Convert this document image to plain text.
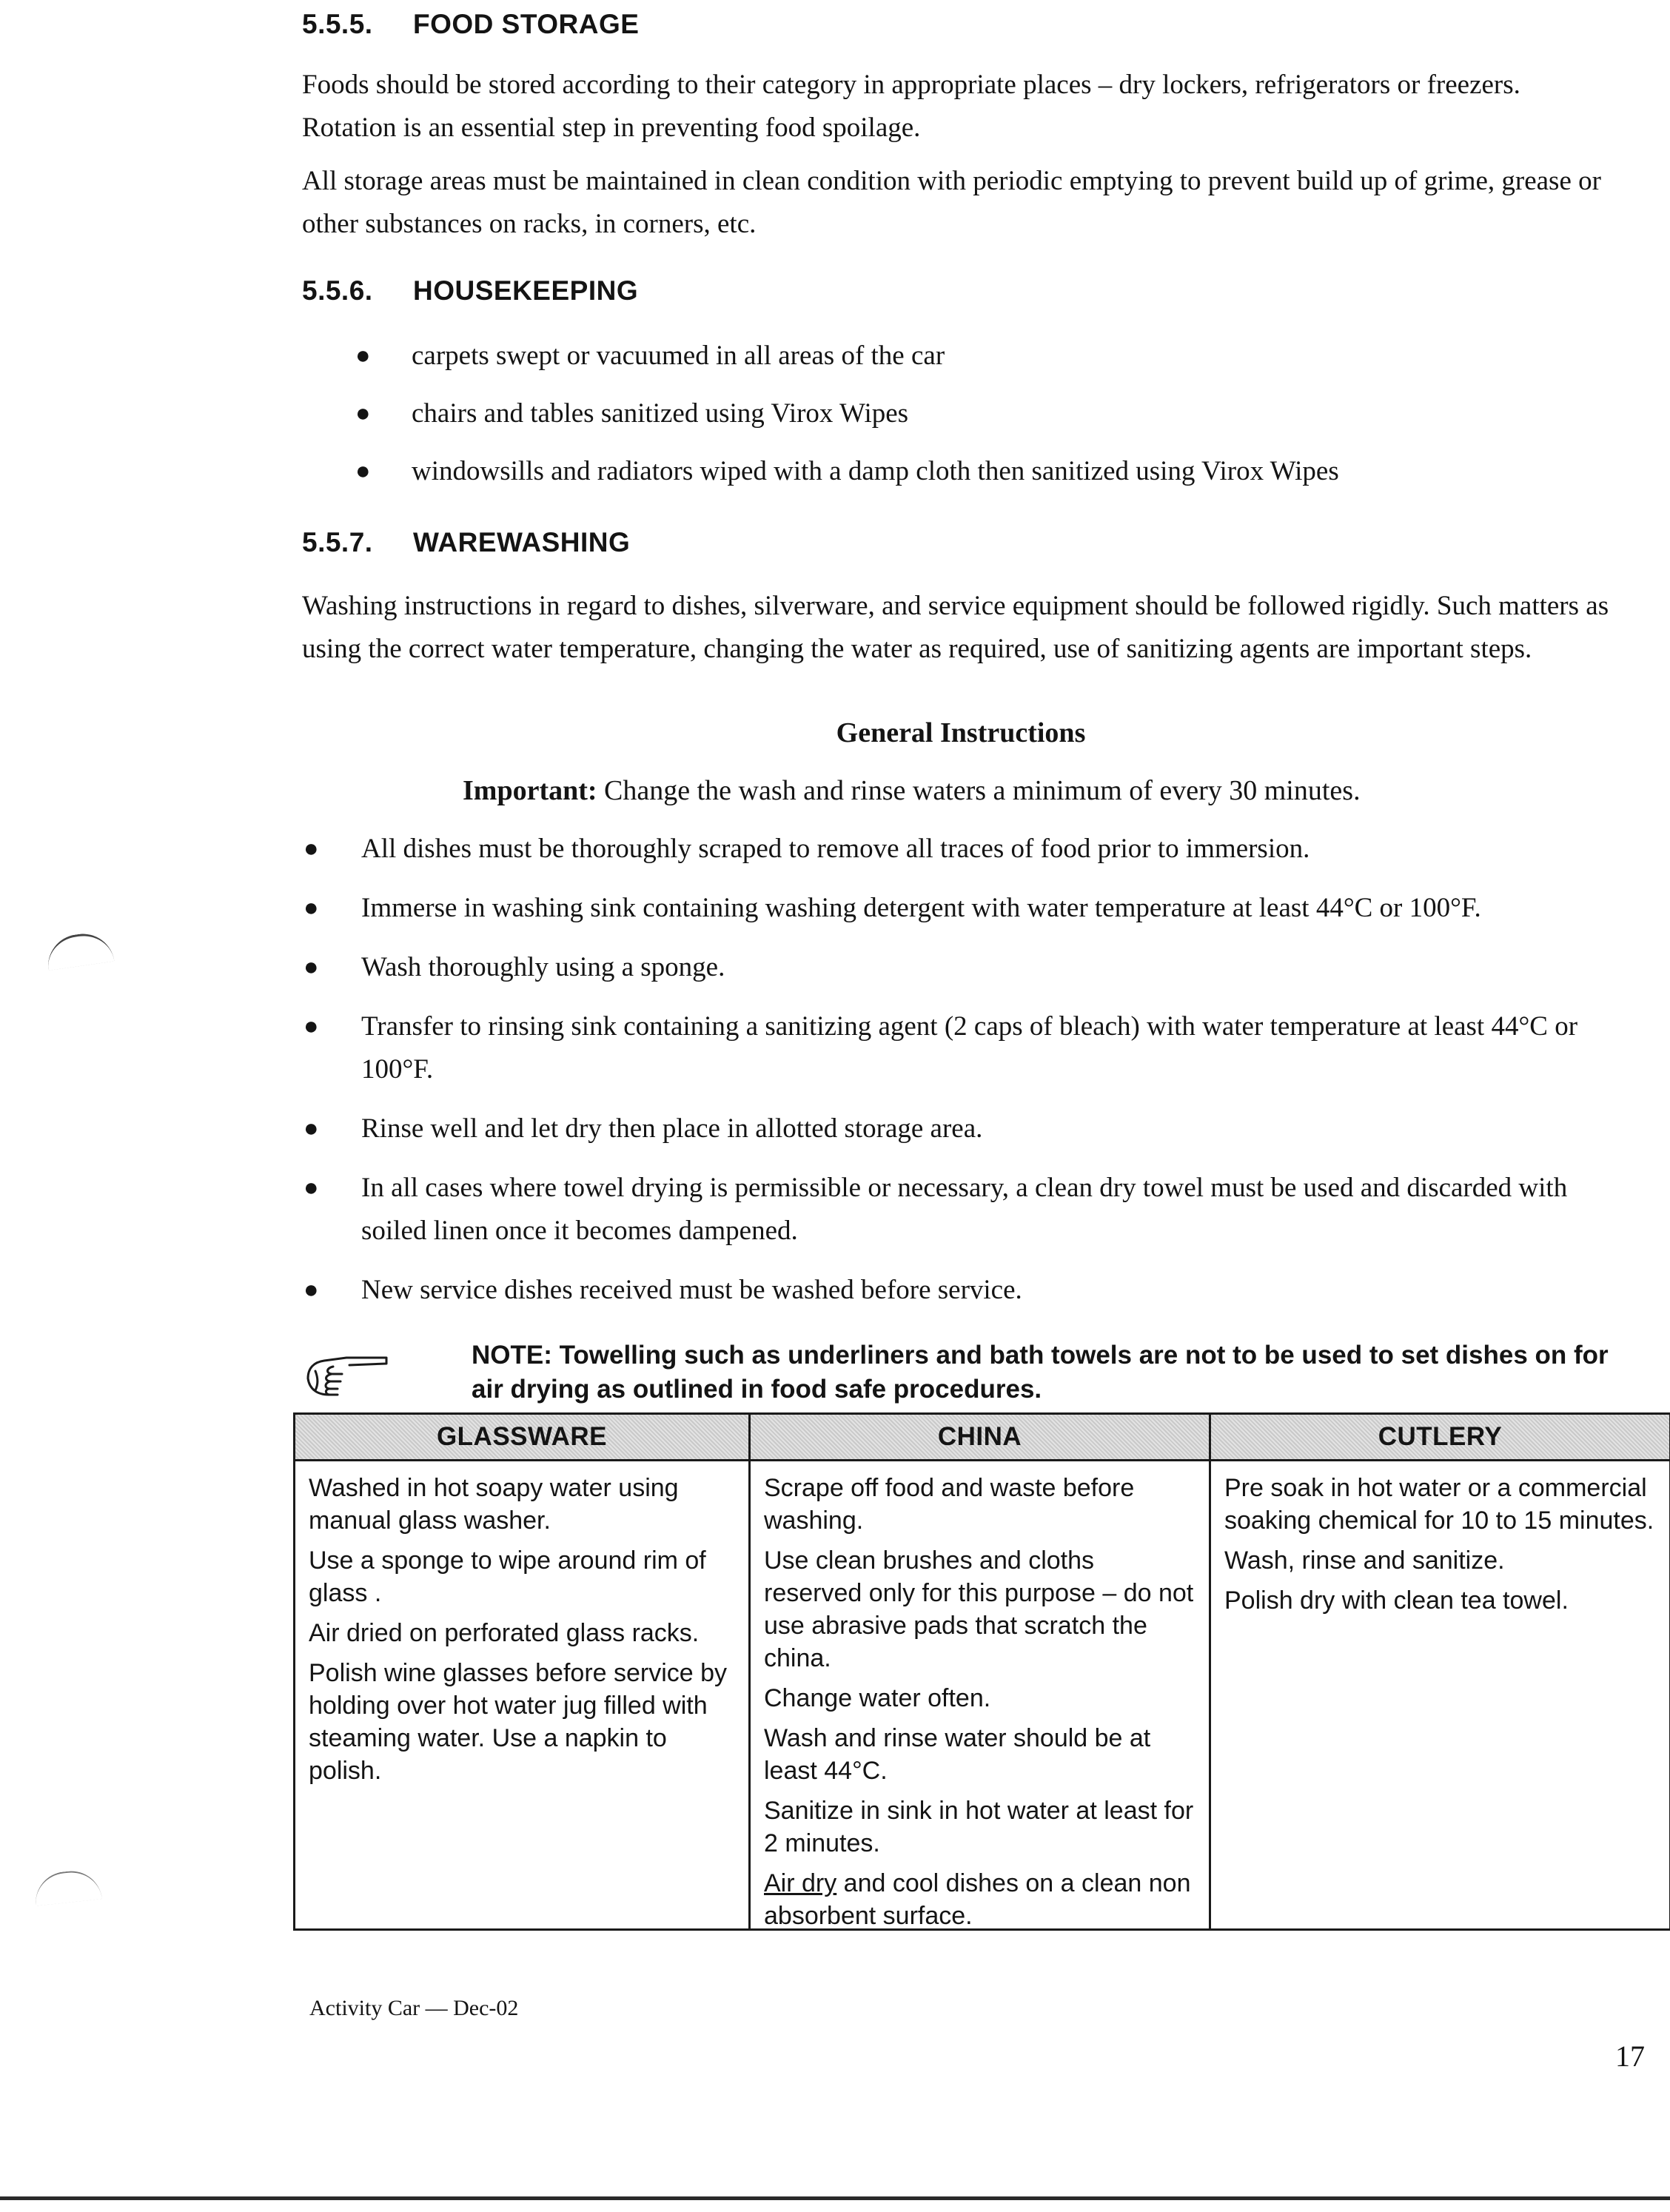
5.5.5. FOOD STORAGE
Foods should be stored according to their category in appropriate places – dry lockers, refrigerators or freezers. Rotation is an essential step in preventing food spoilage.
All storage areas must be maintained in clean condition with periodic emptying to prevent build up of grime, grease or other substances on racks, in corners, etc.
5.5.6. HOUSEKEEPING
● carpets swept or vacuumed in all areas of the car
● chairs and tables sanitized using Virox Wipes
● windowsills and radiators wiped with a damp cloth then sanitized using Virox Wipes
5.5.7. WAREWASHING
Washing instructions in regard to dishes, silverware, and service equipment should be followed rigidly. Such matters as using the correct water temperature, changing the water as required, use of sanitizing agents are important steps.
General Instructions
Important: Change the wash and rinse waters a minimum of every 30 minutes.
● All dishes must be thoroughly scraped to remove all traces of food prior to immersion.
● Immerse in washing sink containing washing detergent with water temperature at least 44°C or 100°F.
● Wash thoroughly using a sponge.
● Transfer to rinsing sink containing a sanitizing agent (2 caps of bleach) with water temperature at least 44°C or 100°F.
● Rinse well and let dry then place in allotted storage area.
● In all cases where towel drying is permissible or necessary, a clean dry towel must be used and discarded with soiled linen once it becomes dampened.
● New service dishes received must be washed before service.
NOTE: Towelling such as underliners and bath towels are not to be used to set dishes on for air drying as outlined in food safe procedures.
GLASSWARE

Washed in hot soapy water using manual glass washer.

Use a sponge to wipe around rim of glass .

Air dried on perforated glass racks.

Polish wine glasses before service by holding over hot water jug filled with steaming water. Use a napkin to polish.

CHINA

Scrape off food and waste before washing.

Use clean brushes and cloths reserved only for this purpose – do not use abrasive pads that scratch the china.

Change water often.

Wash and rinse water should be at least 44°C.

Sanitize in sink in hot water at least for 2 minutes.

Air dry and cool dishes on a clean non absorbent surface.

CUTLERY

Pre soak in hot water or a commercial soaking chemical for 10 to 15 minutes.

Wash, rinse and sanitize.

Polish dry with clean tea towel.

Activity Car — Dec-02
17
